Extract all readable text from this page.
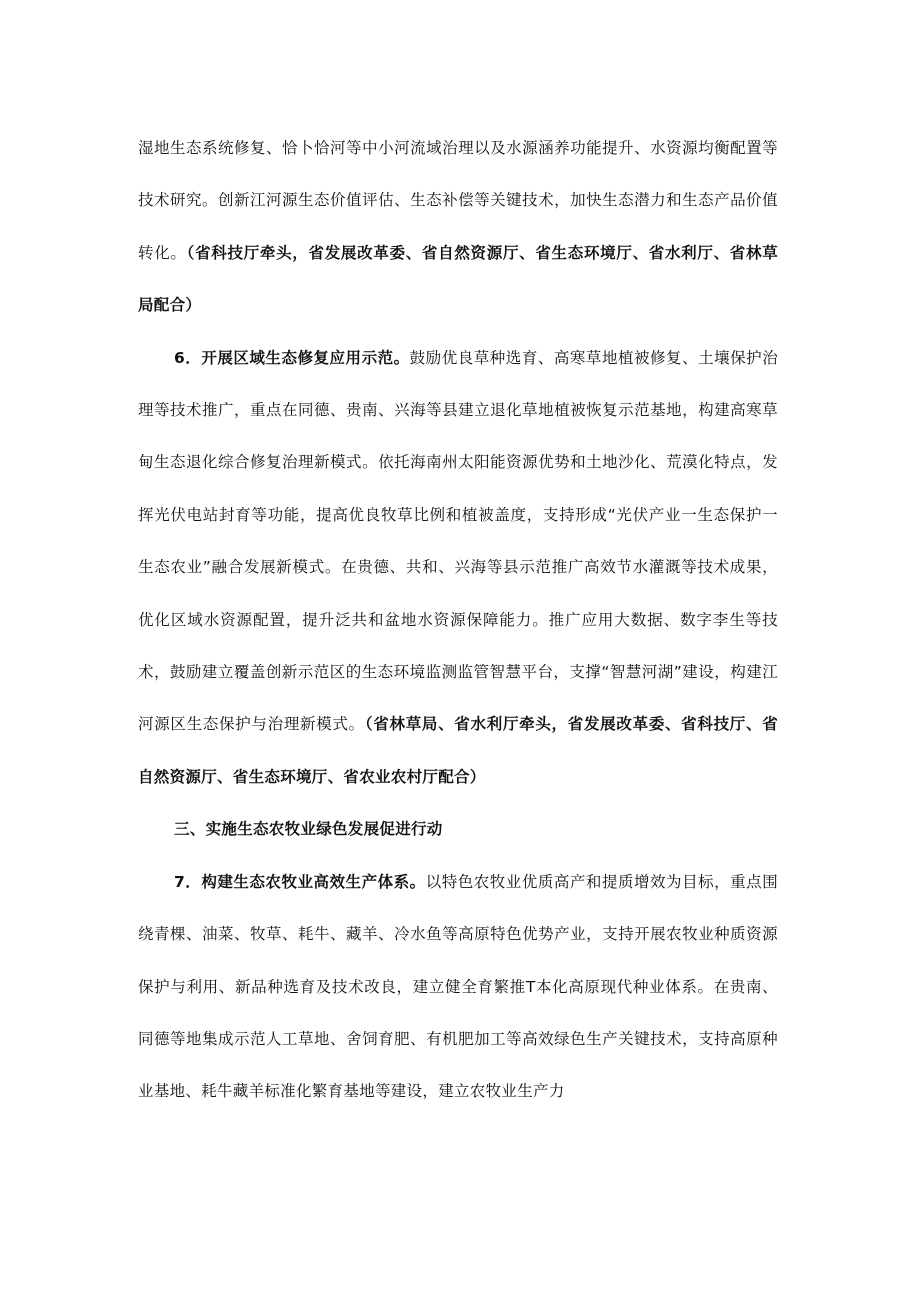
湿地生态系统修复、恰卜恰河等中小河流域治理以及水源涵养功能提升、水资源均衡配置等技术研究。创新江河源生态价值评估、生态补偿等关键技术，加快生态潜力和生态产品价值转化。（省科技厅牵头，省发展改革委、省自然资源厅、省生态环境厅、省水利厅、省林草局配合）

6．开展区域生态修复应用示范。鼓励优良草种选育、高寒草地植被修复、土壤保护治理等技术推广，重点在同德、贵南、兴海等县建立退化草地植被恢复示范基地，构建高寒草甸生态退化综合修复治理新模式。依托海南州太阳能资源优势和土地沙化、荒漠化特点，发挥光伏电站封育等功能，提高优良牧草比例和植被盖度，支持形成“光伏产业一生态保护一生态农业”融合发展新模式。在贵德、共和、兴海等县示范推广高效节水灌溉等技术成果，优化区域水资源配置，提升泛共和盆地水资源保障能力。推广应用大数据、数字李生等技术，鼓励建立覆盖创新示范区的生态环境监测监管智慧平台，支撑“智慧河湖”建设，构建江河源区生态保护与治理新模式。（省林草局、省水利厅牵头，省发展改革委、省科技厅、省自然资源厅、省生态环境厅、省农业农村厅配合）

三、实施生态农牧业绿色发展促进行动

7．构建生态农牧业高效生产体系。以特色农牧业优质高产和提质增效为目标，重点围绕青棵、油菜、牧草、耗牛、藏羊、冷水鱼等高原特色优势产业，支持开展农牧业种质资源保护与利用、新品种选育及技术改良，建立健全育繁推T本化高原现代种业体系。在贵南、同德等地集成示范人工草地、舍饲育肥、有机肥加工等高效绿色生产关键技术，支持高原种业基地、耗牛藏羊标准化繁育基地等建设，建立农牧业生产力
